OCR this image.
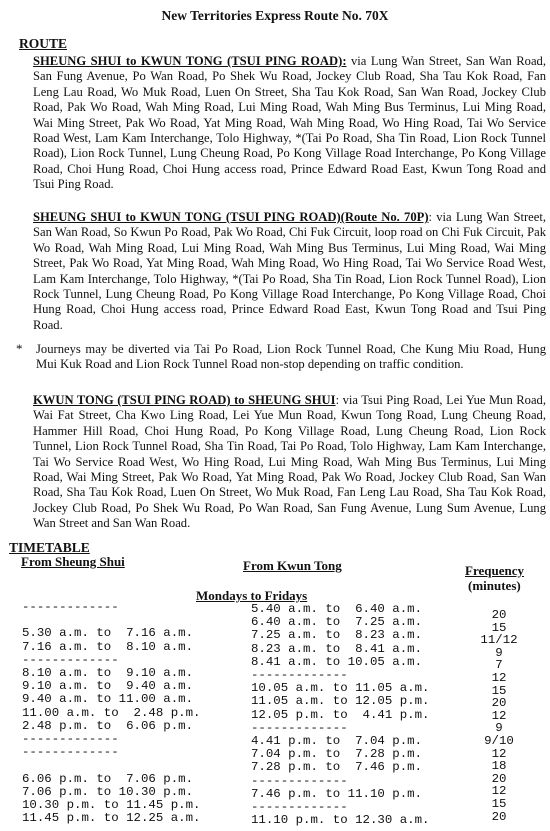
New Territories Express Route No. 70X
ROUTE
SHEUNG SHUI to KWUN TONG (TSUI PING ROAD): via Lung Wan Street, San Wan Road, San Fung Avenue, Po Wan Road, Po Shek Wu Road, Jockey Club Road, Sha Tau Kok Road, Fan Leng Lau Road, Wo Muk Road, Luen On Street, Sha Tau Kok Road, San Wan Road, Jockey Club Road, Pak Wo Road, Wah Ming Road, Lui Ming Road, Wah Ming Bus Terminus, Lui Ming Road, Wai Ming Street, Pak Wo Road, Yat Ming Road, Wah Ming Road, Wo Hing Road, Tai Wo Service Road West, Lam Kam Interchange, Tolo Highway, *(Tai Po Road, Sha Tin Road, Lion Rock Tunnel Road), Lion Rock Tunnel, Lung Cheung Road, Po Kong Village Road Interchange, Po Kong Village Road, Choi Hung Road, Choi Hung access road, Prince Edward Road East, Kwun Tong Road and Tsui Ping Road.
SHEUNG SHUI to KWUN TONG (TSUI PING ROAD)(Route No. 70P): via Lung Wan Street, San Wan Road, So Kwun Po Road, Pak Wo Road, Chi Fuk Circuit, loop road on Chi Fuk Circuit, Pak Wo Road, Wah Ming Road, Lui Ming Road, Wah Ming Bus Terminus, Lui Ming Road, Wai Ming Street, Pak Wo Road, Yat Ming Road, Wah Ming Road, Wo Hing Road, Tai Wo Service Road West, Lam Kam Interchange, Tolo Highway, *(Tai Po Road, Sha Tin Road, Lion Rock Tunnel Road), Lion Rock Tunnel, Lung Cheung Road, Po Kong Village Road Interchange, Po Kong Village Road, Choi Hung Road, Choi Hung access road, Prince Edward Road East, Kwun Tong Road and Tsui Ping Road.
* Journeys may be diverted via Tai Po Road, Lion Rock Tunnel Road, Che Kung Miu Road, Hung Mui Kuk Road and Lion Rock Tunnel Road non-stop depending on traffic condition.
KWUN TONG (TSUI PING ROAD) to SHEUNG SHUI: via Tsui Ping Road, Lei Yue Mun Road, Wai Fat Street, Cha Kwo Ling Road, Lei Yue Mun Road, Kwun Tong Road, Lung Cheung Road, Hammer Hill Road, Choi Hung Road, Po Kong Village Road, Lung Cheung Road, Lion Rock Tunnel, Lion Rock Tunnel Road, Sha Tin Road, Tai Po Road, Tolo Highway, Lam Kam Interchange, Tai Wo Service Road West, Wo Hing Road, Lui Ming Road, Wah Ming Bus Terminus, Lui Ming Road, Wai Ming Street, Pak Wo Road, Yat Ming Road, Pak Wo Road, Jockey Club Road, San Wan Road, Sha Tau Kok Road, Luen On Street, Wo Muk Road, Fan Leng Lau Road, Sha Tau Kok Road, Jockey Club Road, Po Shek Wu Road, Po Wan Road, San Fung Avenue, Lung Sum Avenue, Lung Wan Street and San Wan Road.
TIMETABLE
From Sheung Shui	From Kwun Tong	Frequency
(minutes)
Mondays to Fridays
-------------
5.30 a.m. to  7.16 a.m.
7.16 a.m. to  8.10 a.m.
-------------
8.10 a.m. to  9.10 a.m.
9.10 a.m. to  9.40 a.m.
9.40 a.m. to 11.00 a.m.
11.00 a.m. to  2.48 p.m.
2.48 p.m. to  6.06 p.m.
-------------
-------------
6.06 p.m. to  7.06 p.m.
7.06 p.m. to 10.30 p.m.
10.30 p.m. to 11.45 p.m.
11.45 p.m. to 12.25 a.m.
5.40 a.m. to  6.40 a.m.
6.40 a.m. to  7.25 a.m.
7.25 a.m. to  8.23 a.m.
8.23 a.m. to  8.41 a.m.
8.41 a.m. to 10.05 a.m.
-------------
10.05 a.m. to 11.05 a.m.
11.05 a.m. to 12.05 p.m.
12.05 p.m. to  4.41 p.m.
-------------
4.41 p.m. to  7.04 p.m.
7.04 p.m. to  7.28 p.m.
7.28 p.m. to  7.46 p.m.
-------------
7.46 p.m. to 11.10 p.m.
-------------
11.10 p.m. to 12.30 a.m.
20
15
11/12
9
7
12
15
20
12
9
9/10
12
18
20
12
15
20
